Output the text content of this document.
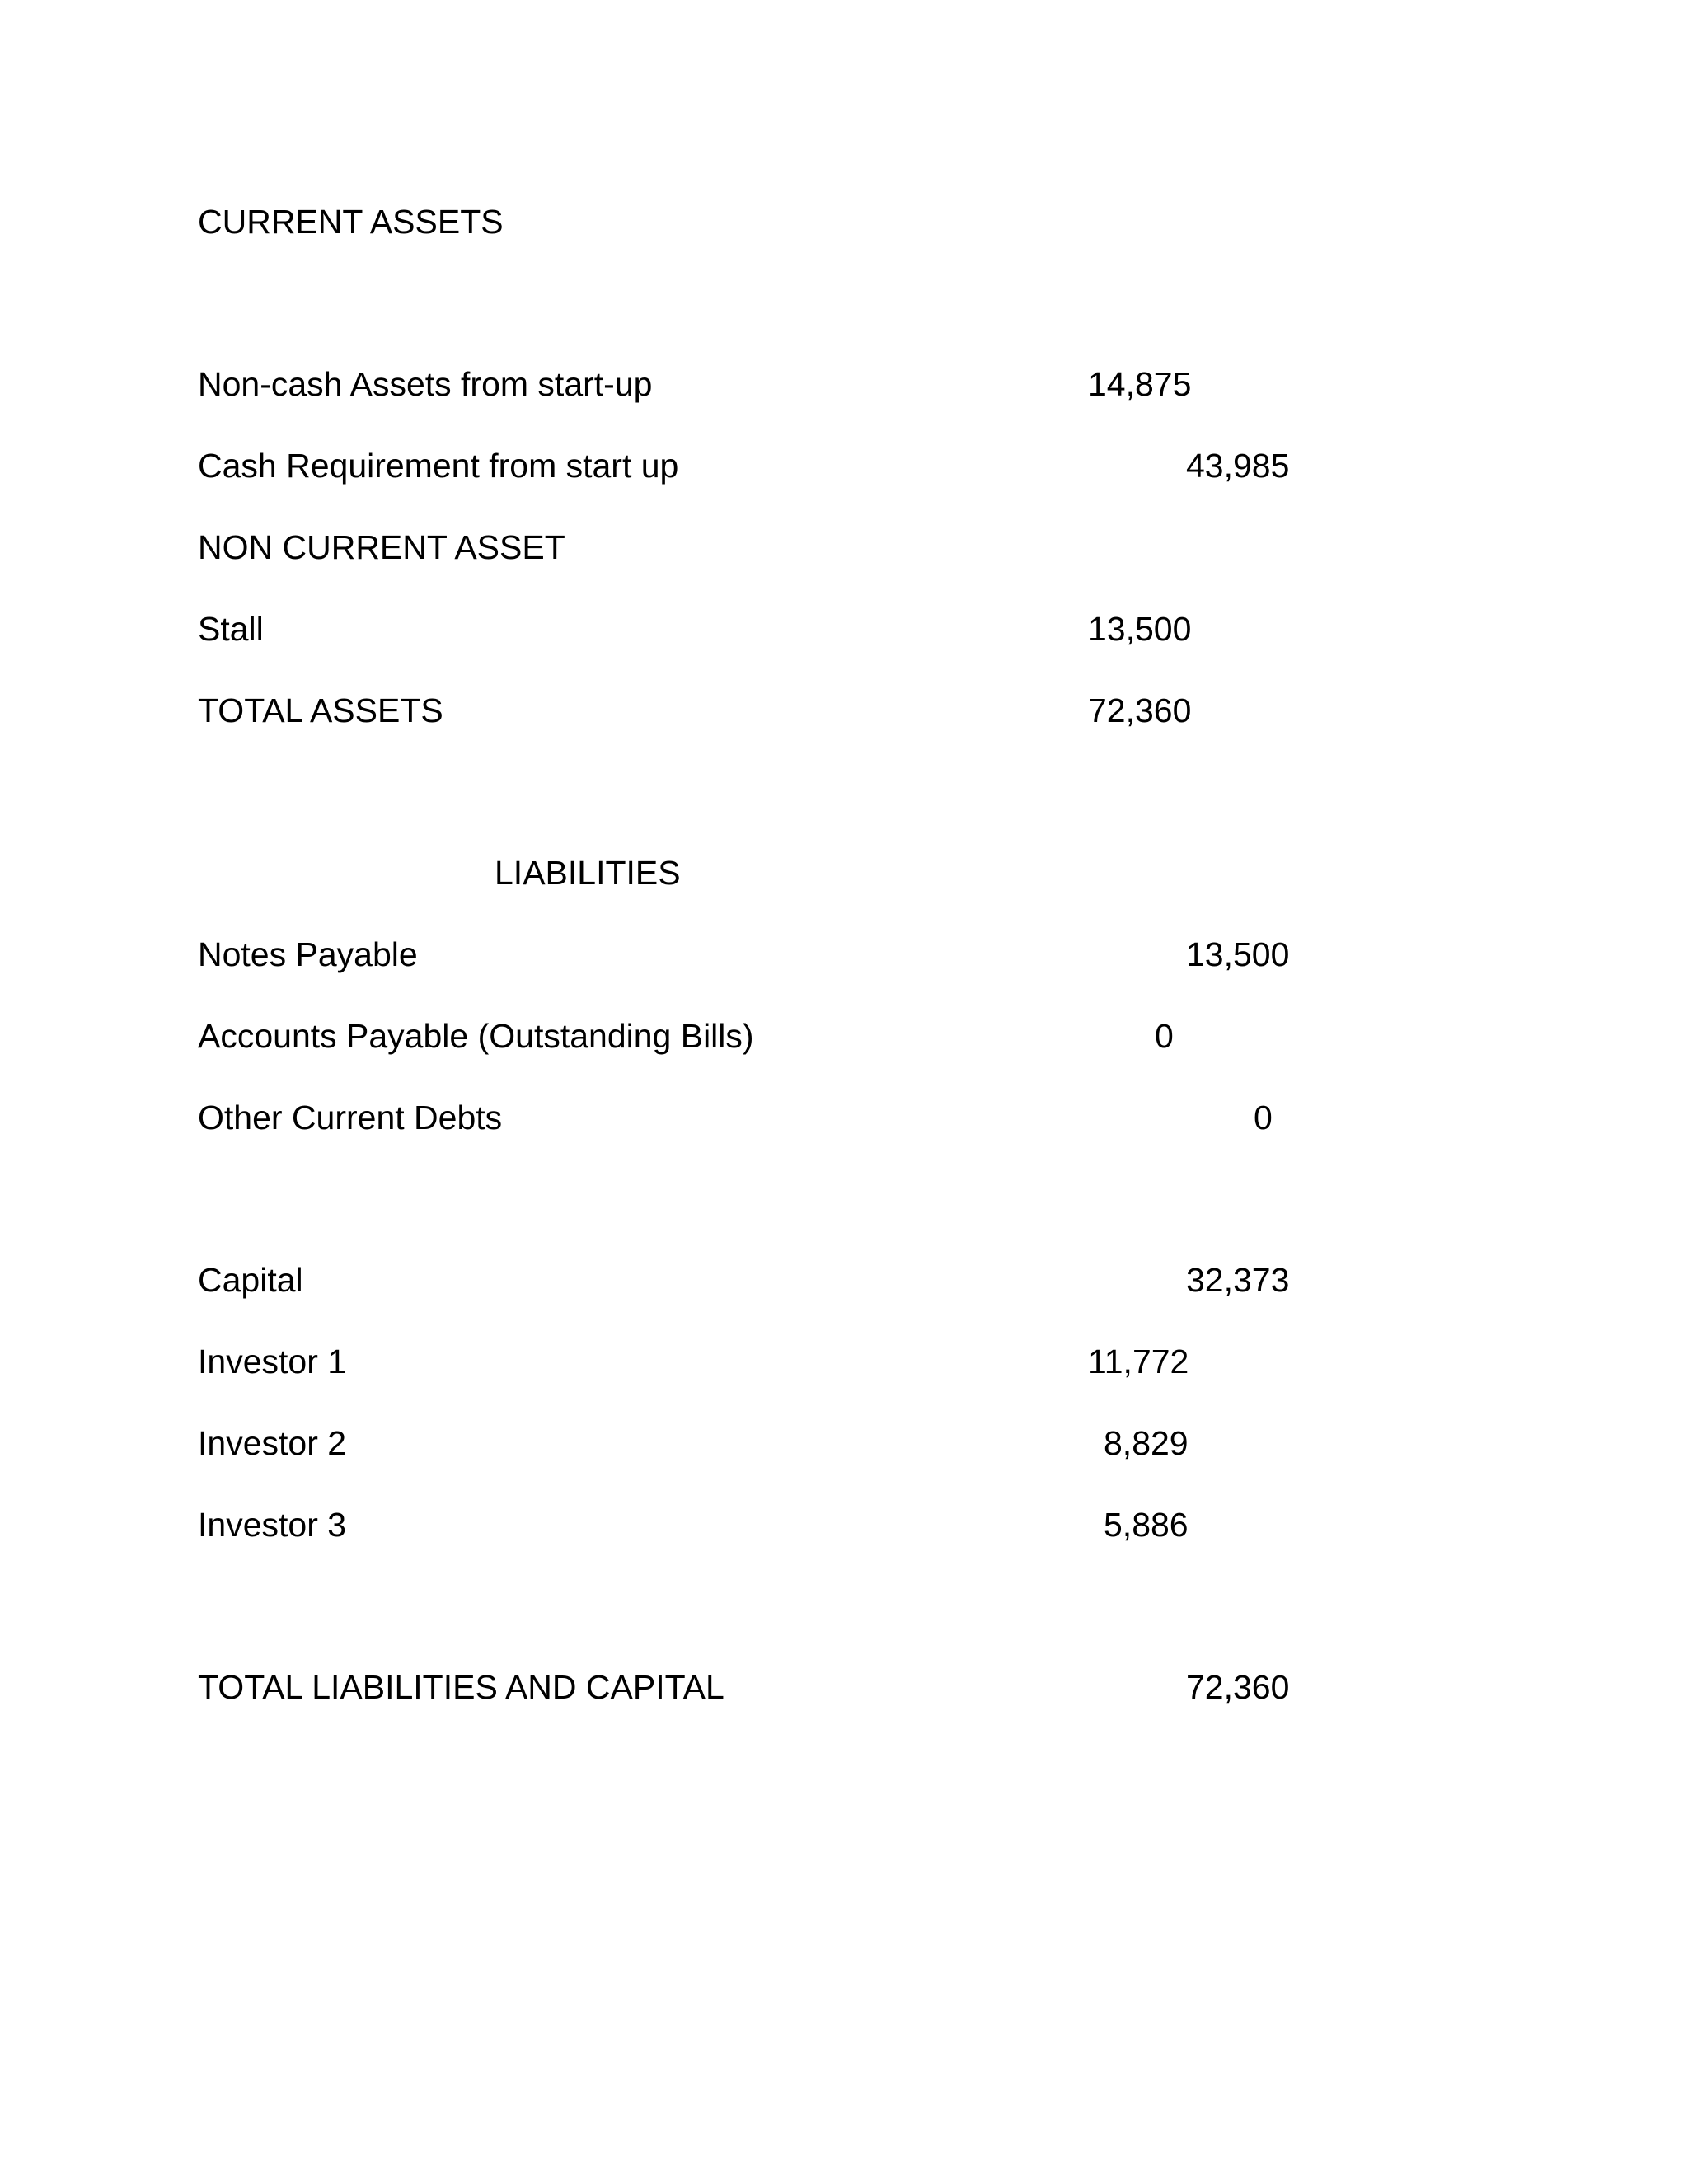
CURRENT ASSETS
Non-cash Assets from start-up	14,875
Cash Requirement from start up	43,985
NON CURRENT ASSET
Stall	13,500
TOTAL ASSETS	72,360
LIABILITIES
Notes Payable	13,500
Accounts Payable (Outstanding Bills)	0
Other Current Debts	0
Capital	32,373
Investor 1	11,772
Investor 2	8,829
Investor 3	5,886
TOTAL LIABILITIES AND CAPITAL	72,360
